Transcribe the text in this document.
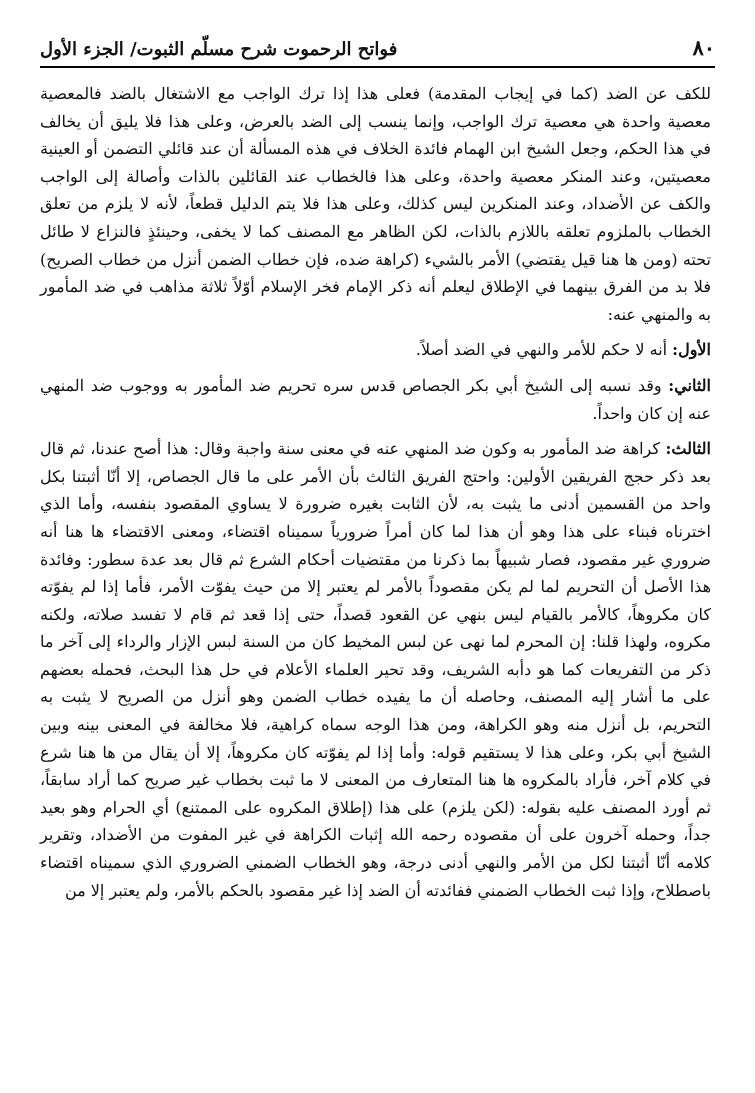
٨٠
فواتح الرحموت شرح مسلّم الثبوت/ الجزء الأول

للكف عن الضد (كما في إيجاب المقدمة) فعلى هذا إذا ترك الواجب مع الاشتغال بالضد فالمعصية معصية واحدة هي معصية ترك الواجب، وإنما ينسب إلى الضد بالعرض، وعلى هذا فلا يليق أن يخالف في هذا الحكم، وجعل الشيخ ابن الهمام فائدة الخلاف في هذه المسألة أن عند قائلي التضمن أو العينية معصيتين، وعند المنكر معصية واحدة، وعلى هذا فالخطاب عند القائلين بالذات وأصالة إلى الواجب والكف عن الأضداد، وعند المنكرين ليس كذلك، وعلى هذا فلا يتم الدليل قطعاً، لأنه لا يلزم من تعلق الخطاب بالملزوم تعلقه باللازم بالذات، لكن الظاهر مع المصنف كما لا يخفى، وحينئذٍ فالنزاع لا طائل تحته (ومن ها هنا قيل يقتضي) الأمر بالشيء (كراهة ضده، فإن خطاب الضمن أنزل من خطاب الصريح) فلا بد من الفرق بينهما في الإطلاق ليعلم أنه ذكر الإمام فخر الإسلام أوّلاً ثلاثة مذاهب في ضد المأمور به والمنهي عنه:

الأول: أنه لا حكم للأمر والنهي في الضد أصلاً.

الثاني: وقد نسبه إلى الشيخ أبي بكر الجصاص قدس سره تحريم ضد المأمور به ووجوب ضد المنهي عنه إن كان واحداً.

الثالث: كراهة ضد المأمور به وكون ضد المنهي عنه في معنى سنة واجبة وقال: هذا أصح عندنا، ثم قال بعد ذكر حجج الفريقين الأولين: واحتج الفريق الثالث بأن الأمر على ما قال الجصاص، إلا أنّا أثبتنا بكل واحد من القسمين أدنى ما يثبت به، لأن الثابت بغيره ضرورة لا يساوي المقصود بنفسه، وأما الذي اخترناه فبناء على هذا وهو أن هذا لما كان أمراً ضرورياً سميناه اقتضاء، ومعنى الاقتضاء ها هنا أنه ضروري غير مقصود، فصار شبيهاً بما ذكرنا من مقتضيات أحكام الشرع ثم قال بعد عدة سطور: وفائدة هذا الأصل أن التحريم لما لم يكن مقصوداً بالأمر لم يعتبر إلا من حيث يفوّت الأمر، فأما إذا لم يفوّته كان مكروهاً، كالأمر بالقيام ليس بنهي عن القعود قصداً، حتى إذا قعد ثم قام لا تفسد صلاته، ولكنه مكروه، ولهذا قلنا: إن المحرم لما نهى عن لبس المخيط كان من السنة لبس الإزار والرداء إلى آخر ما ذكر من التفريعات كما هو دأبه الشريف، وقد تحير العلماء الأعلام في حل هذا البحث، فحمله بعضهم على ما أشار إليه المصنف، وحاصله أن ما يفيده خطاب الضمن وهو أنزل من الصريح لا يثبت به التحريم، بل أنزل منه وهو الكراهة، ومن هذا الوجه سماه كراهية، فلا مخالفة في المعنى بينه وبين الشيخ أبي بكر، وعلى هذا لا يستقيم قوله: وأما إذا لم يفوّته كان مكروهاً، إلا أن يقال من ها هنا شرع في كلام آخر، فأراد بالمكروه ها هنا المتعارف من المعنى لا ما ثبت بخطاب غير صريح كما أراد سابقاً، ثم أورد المصنف عليه بقوله: (لكن يلزم) على هذا (إطلاق المكروه على الممتنع) أي الحرام وهو بعيد جداً، وحمله آخرون على أن مقصوده رحمه الله إثبات الكراهة في غير المفوت من الأضداد، وتقرير كلامه أنّا أثبتنا لكل من الأمر والنهي أدنى درجة، وهو الخطاب الضمني الضروري الذي سميناه اقتضاء باصطلاح، وإذا ثبت الخطاب الضمني ففائدته أن الضد إذا غير مقصود بالحكم بالأمر، ولم يعتبر إلا من
